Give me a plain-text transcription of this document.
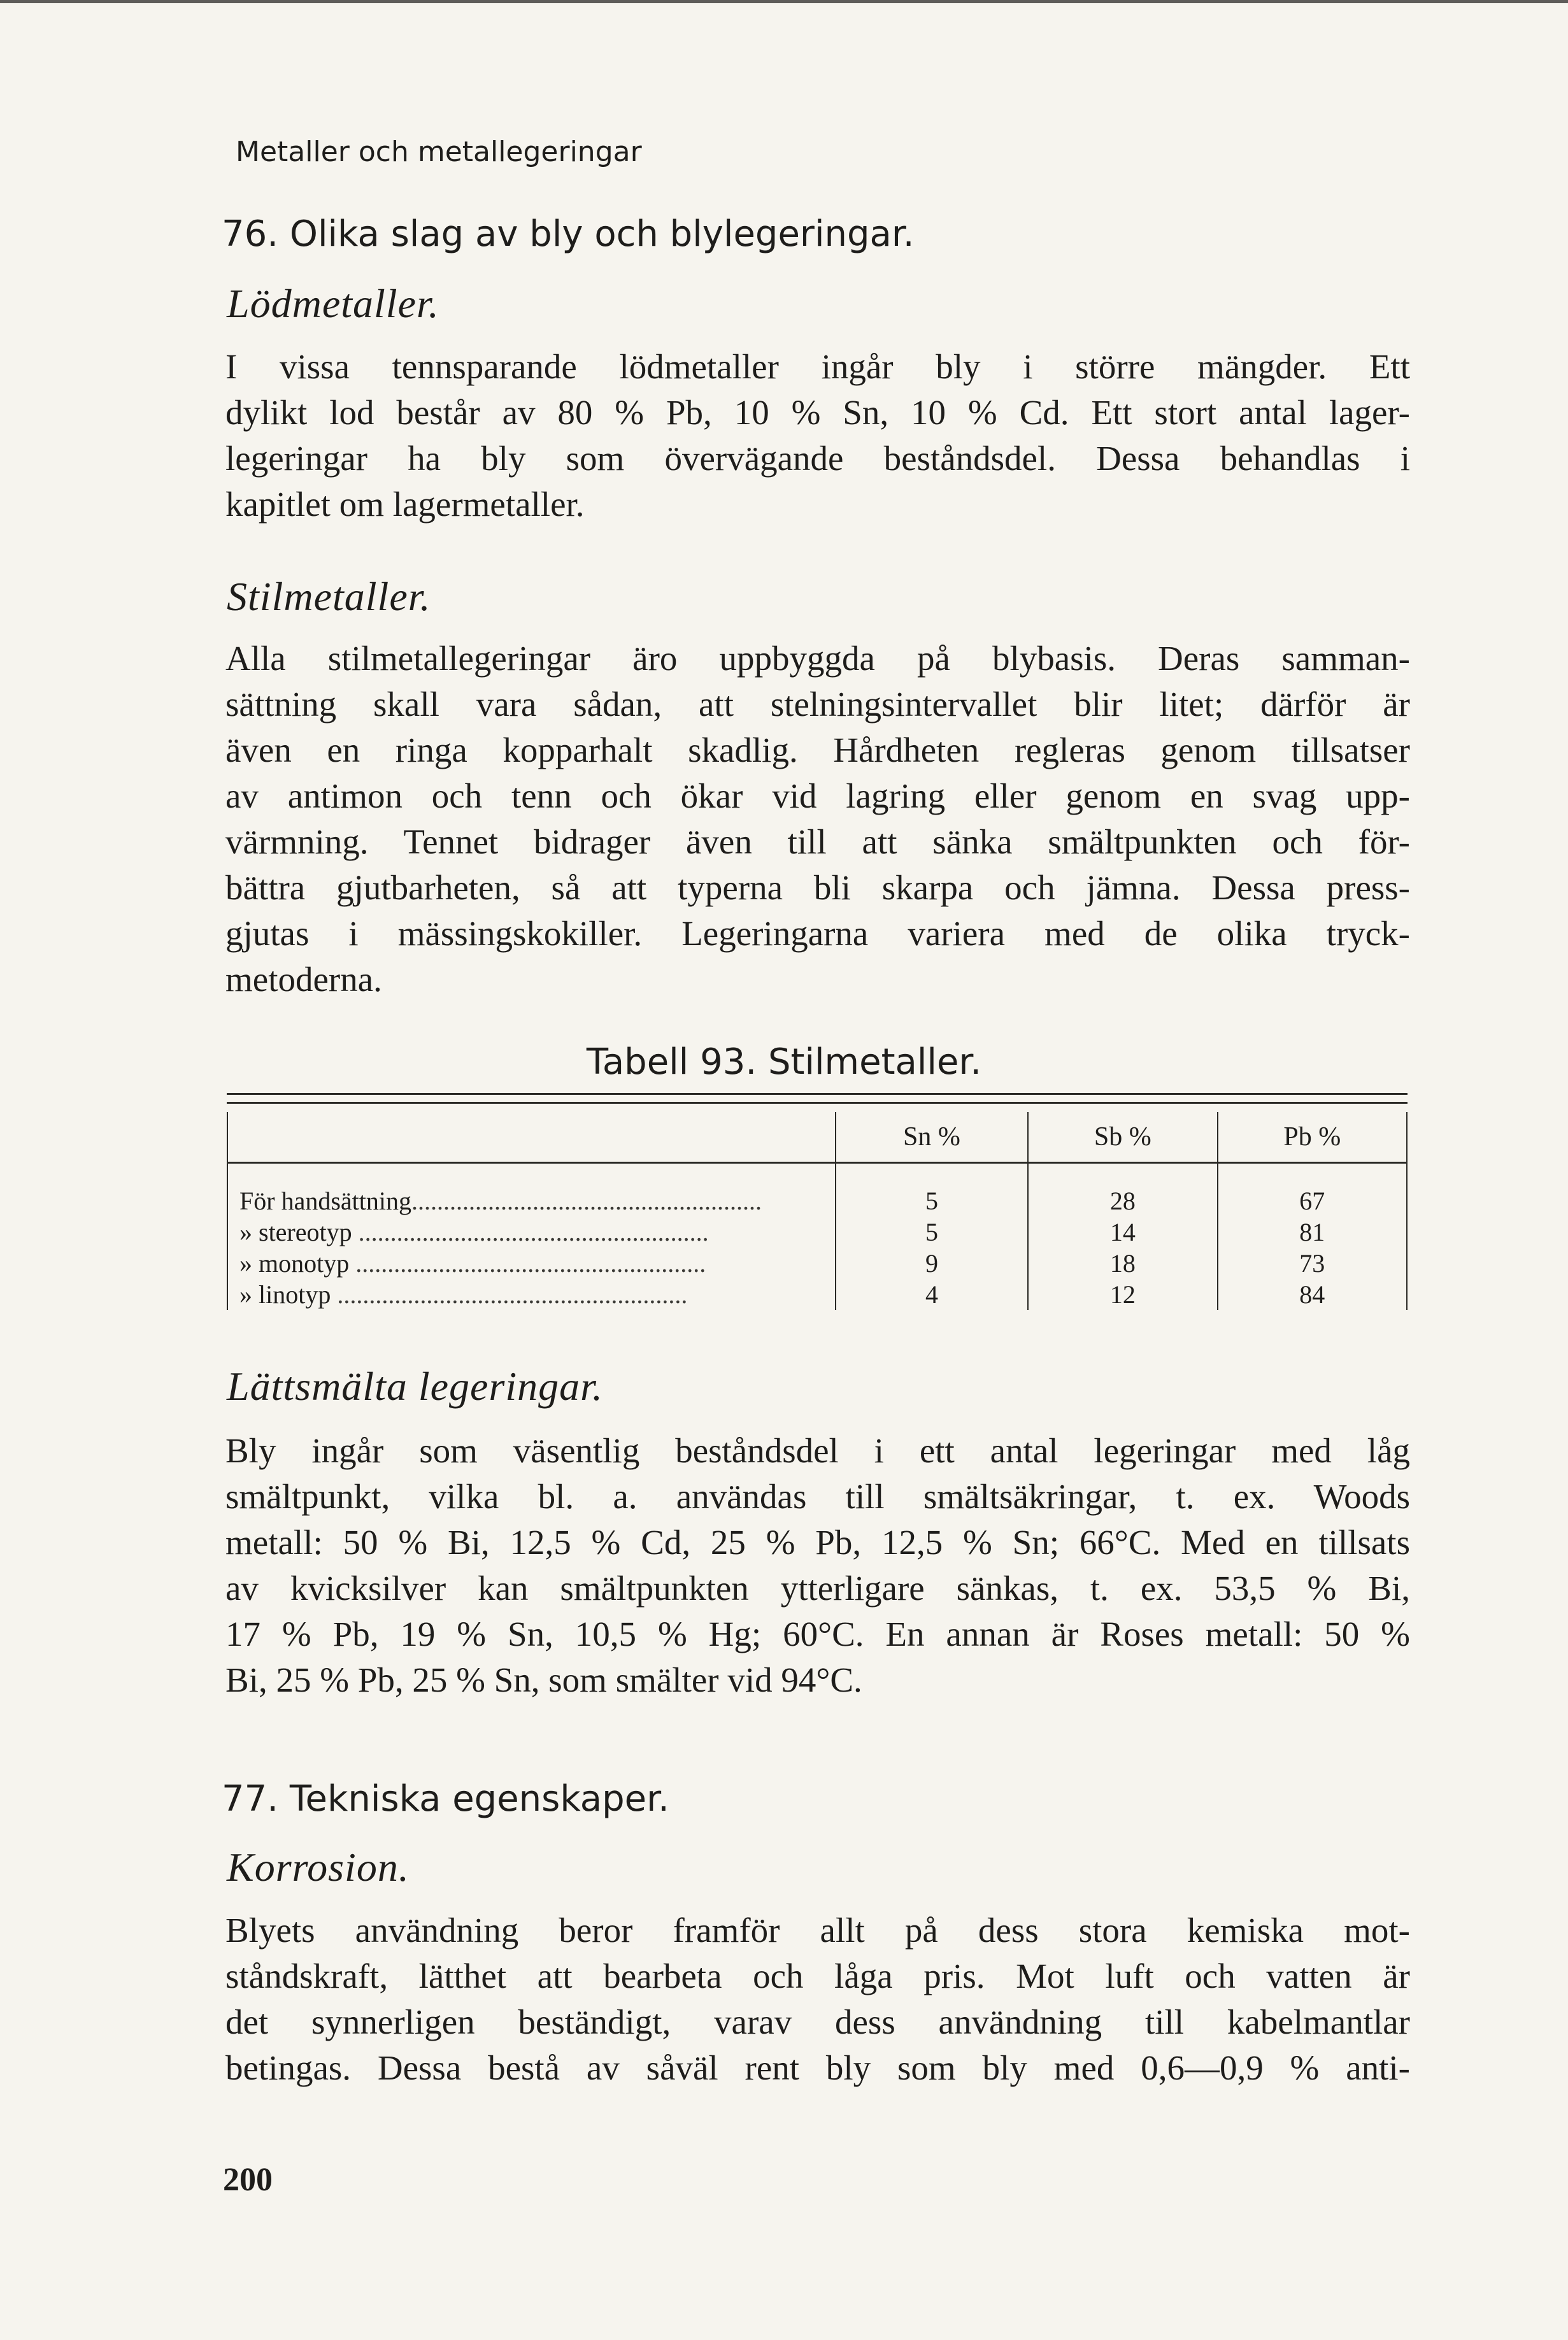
Metaller och metallegeringar
76. Olika slag av bly och blylegeringar.
Lödmetaller.
I vissa tennsparande lödmetaller ingår bly i större mängder. Ett
dylikt lod består av 80 % Pb, 10 % Sn, 10 % Cd. Ett stort antal lager-
legeringar ha bly som övervägande beståndsdel. Dessa behandlas i
kapitlet om lagermetaller.
Stilmetaller.
Alla stilmetallegeringar äro uppbyggda på blybasis. Deras samman-
sättning skall vara sådan, att stelningsintervallet blir litet; därför är
även en ringa kopparhalt skadlig. Hårdheten regleras genom tillsatser
av antimon och tenn och ökar vid lagring eller genom en svag upp-
värmning. Tennet bidrager även till att sänka smältpunkten och för-
bättra gjutbarheten, så att typerna bli skarpa och jämna. Dessa press-
gjutas i mässingskokiller. Legeringarna variera med de olika tryck-
metoderna.
Tabell 93. Stilmetaller.
	Sn %	Sb %	Pb %

För handsättning.......................................................	5	28	67
» stereotyp .......................................................	5	14	81
» monotyp .......................................................	9	18	73
» linotyp .......................................................	4	12	84
Lättsmälta legeringar.
Bly ingår som väsentlig beståndsdel i ett antal legeringar med låg
smältpunkt, vilka bl. a. användas till smältsäkringar, t. ex. Woods
metall: 50 % Bi, 12,5 % Cd, 25 % Pb, 12,5 % Sn; 66°C. Med en tillsats
av kvicksilver kan smältpunkten ytterligare sänkas, t. ex. 53,5 % Bi,
17 % Pb, 19 % Sn, 10,5 % Hg; 60°C. En annan är Roses metall: 50 %
Bi, 25 % Pb, 25 % Sn, som smälter vid 94°C.
77. Tekniska egenskaper.
Korrosion.
Blyets användning beror framför allt på dess stora kemiska mot-
ståndskraft, lätthet att bearbeta och låga pris. Mot luft och vatten är
det synnerligen beständigt, varav dess användning till kabelmantlar
betingas. Dessa bestå av såväl rent bly som bly med 0,6—0,9 % anti-
200
